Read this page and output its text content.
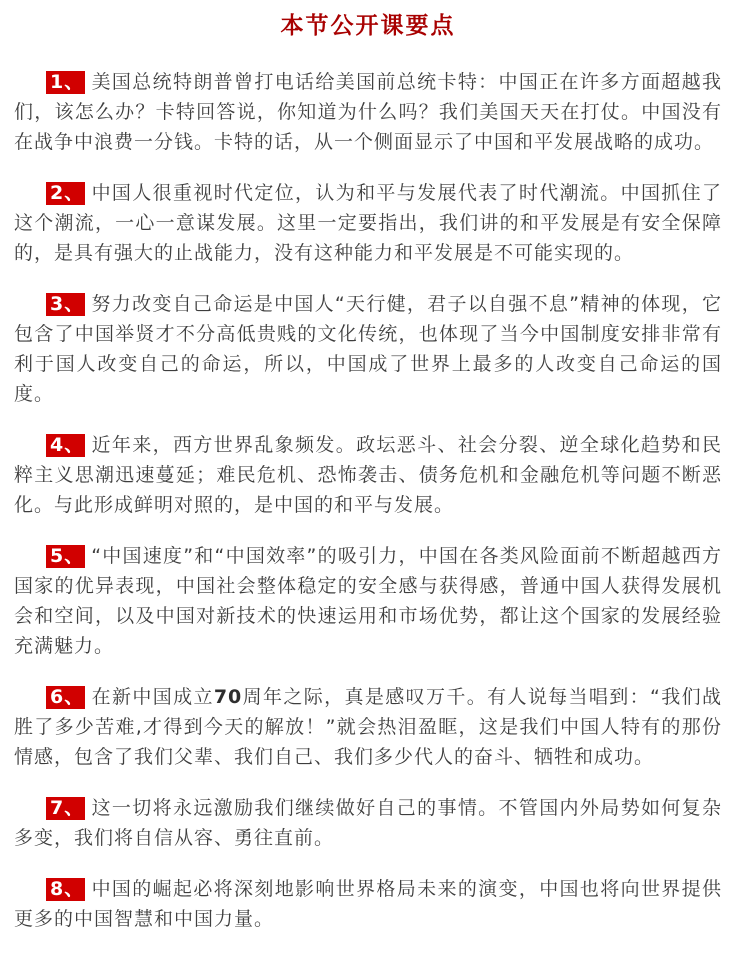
本节公开课要点

1、 美国总统特朗普曾打电话给美国前总统卡特：中国正在许多方面超越我们，该怎么办？卡特回答说，你知道为什么吗？我们美国天天在打仗。中国没有在战争中浪费一分钱。卡特的话，从一个侧面显示了中国和平发展战略的成功。

2、 中国人很重视时代定位，认为和平与发展代表了时代潮流。中国抓住了这个潮流，一心一意谋发展。这里一定要指出，我们讲的和平发展是有安全保障的，是具有强大的止战能力，没有这种能力和平发展是不可能实现的。

3、 努力改变自己命运是中国人“天行健，君子以自强不息”精神的体现，它包含了中国举贤才不分高低贵贱的文化传统，也体现了当今中国制度安排非常有利于国人改变自己的命运，所以，中国成了世界上最多的人改变自己命运的国度。

4、 近年来，西方世界乱象频发。政坛恶斗、社会分裂、逆全球化趋势和民粹主义思潮迅速蔓延；难民危机、恐怖袭击、债务危机和金融危机等问题不断恶化。与此形成鲜明对照的，是中国的和平与发展。

5、 “中国速度”和“中国效率”的吸引力，中国在各类风险面前不断超越西方国家的优异表现，中国社会整体稳定的安全感与获得感，普通中国人获得发展机会和空间，以及中国对新技术的快速运用和市场优势，都让这个国家的发展经验充满魅力。

6、 在新中国成立70周年之际，真是感叹万千。有人说每当唱到：“我们战胜了多少苦难,才得到今天的解放！”就会热泪盈眶，这是我们中国人特有的那份情感，包含了我们父辈、我们自己、我们多少代人的奋斗、牺牲和成功。

7、 这一切将永远激励我们继续做好自己的事情。不管国内外局势如何复杂多变，我们将自信从容、勇往直前。

8、 中国的崛起必将深刻地影响世界格局未来的演变，中国也将向世界提供更多的中国智慧和中国力量。
